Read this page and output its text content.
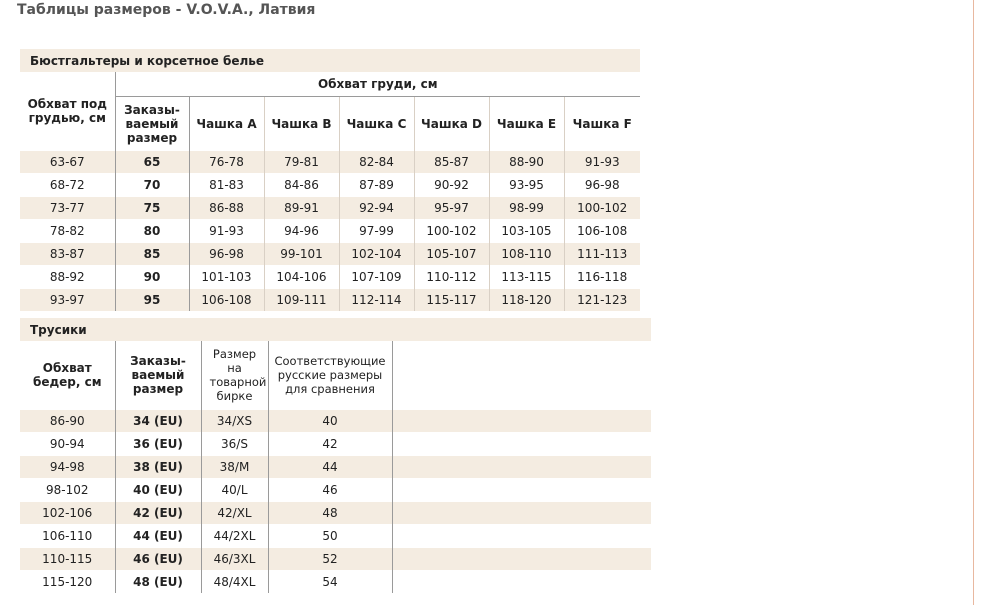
Таблицы размеров - V.O.V.A., Латвия
Бюстгальтеры и корсетное белье							
Обхват под грудью, см	Обхват груди, см						
	Заказы-ваемый размер	Чашка A	Чашка B	Чашка C	Чашка D	Чашка E	Чашка F
63-67	65	76-78	79-81	82-84	85-87	88-90	91-93
68-72	70	81-83	84-86	87-89	90-92	93-95	96-98
73-77	75	86-88	89-91	92-94	95-97	98-99	100-102
78-82	80	91-93	94-96	97-99	100-102	103-105	106-108
83-87	85	96-98	99-101	102-104	105-107	108-110	111-113
88-92	90	101-103	104-106	107-109	110-112	113-115	116-118
93-97	95	106-108	109-111	112-114	115-117	118-120	121-123
Трусики				
Обхват бедер, см	Заказы-ваемый размер	Размер на товарной бирке	Соответствующие русские размеры для сравнения	
86-90	34 (EU)	34/XS	40	
90-94	36 (EU)	36/S	42	
94-98	38 (EU)	38/M	44	
98-102	40 (EU)	40/L	46	
102-106	42 (EU)	42/XL	48	
106-110	44 (EU)	44/2XL	50	
110-115	46 (EU)	46/3XL	52	
115-120	48 (EU)	48/4XL	54	
